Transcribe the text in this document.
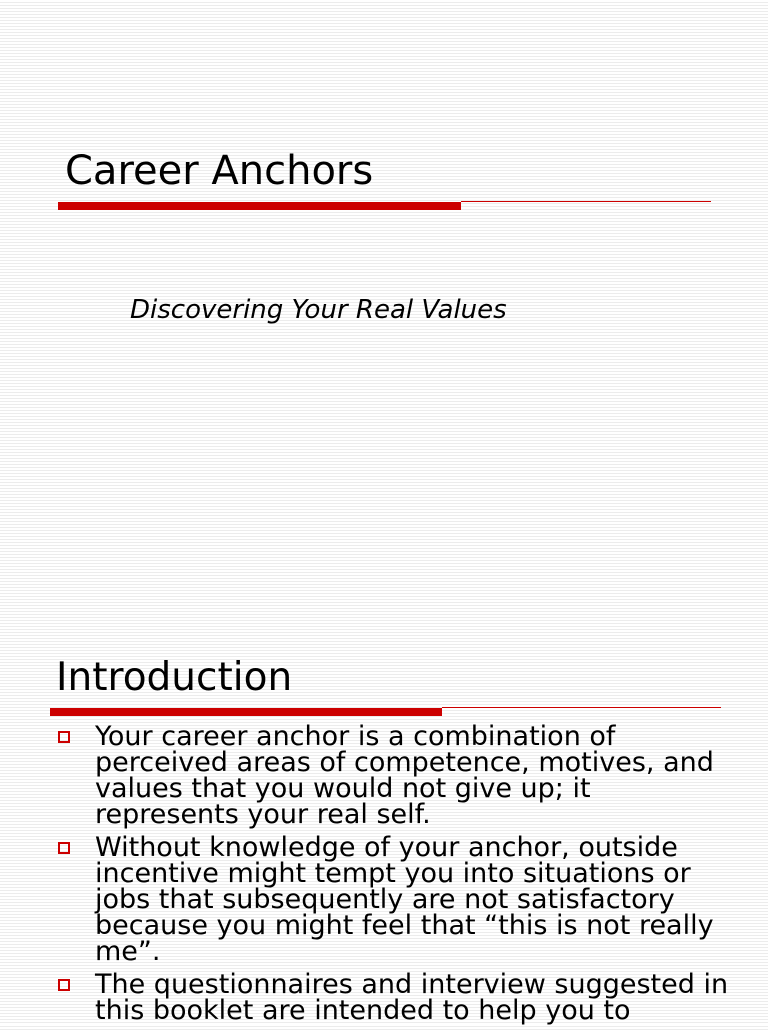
Career Anchors
Discovering Your Real Values
Introduction
Your career anchor is a combination of perceived areas of competence, motives, and values that you would not give up; it represents your real self.
Without knowledge of your anchor, outside incentive might tempt you into situations or jobs that subsequently are not satisfactory because you might feel that “this is not really me”.
The questionnaires and interview suggested in this booklet are intended to help you to
